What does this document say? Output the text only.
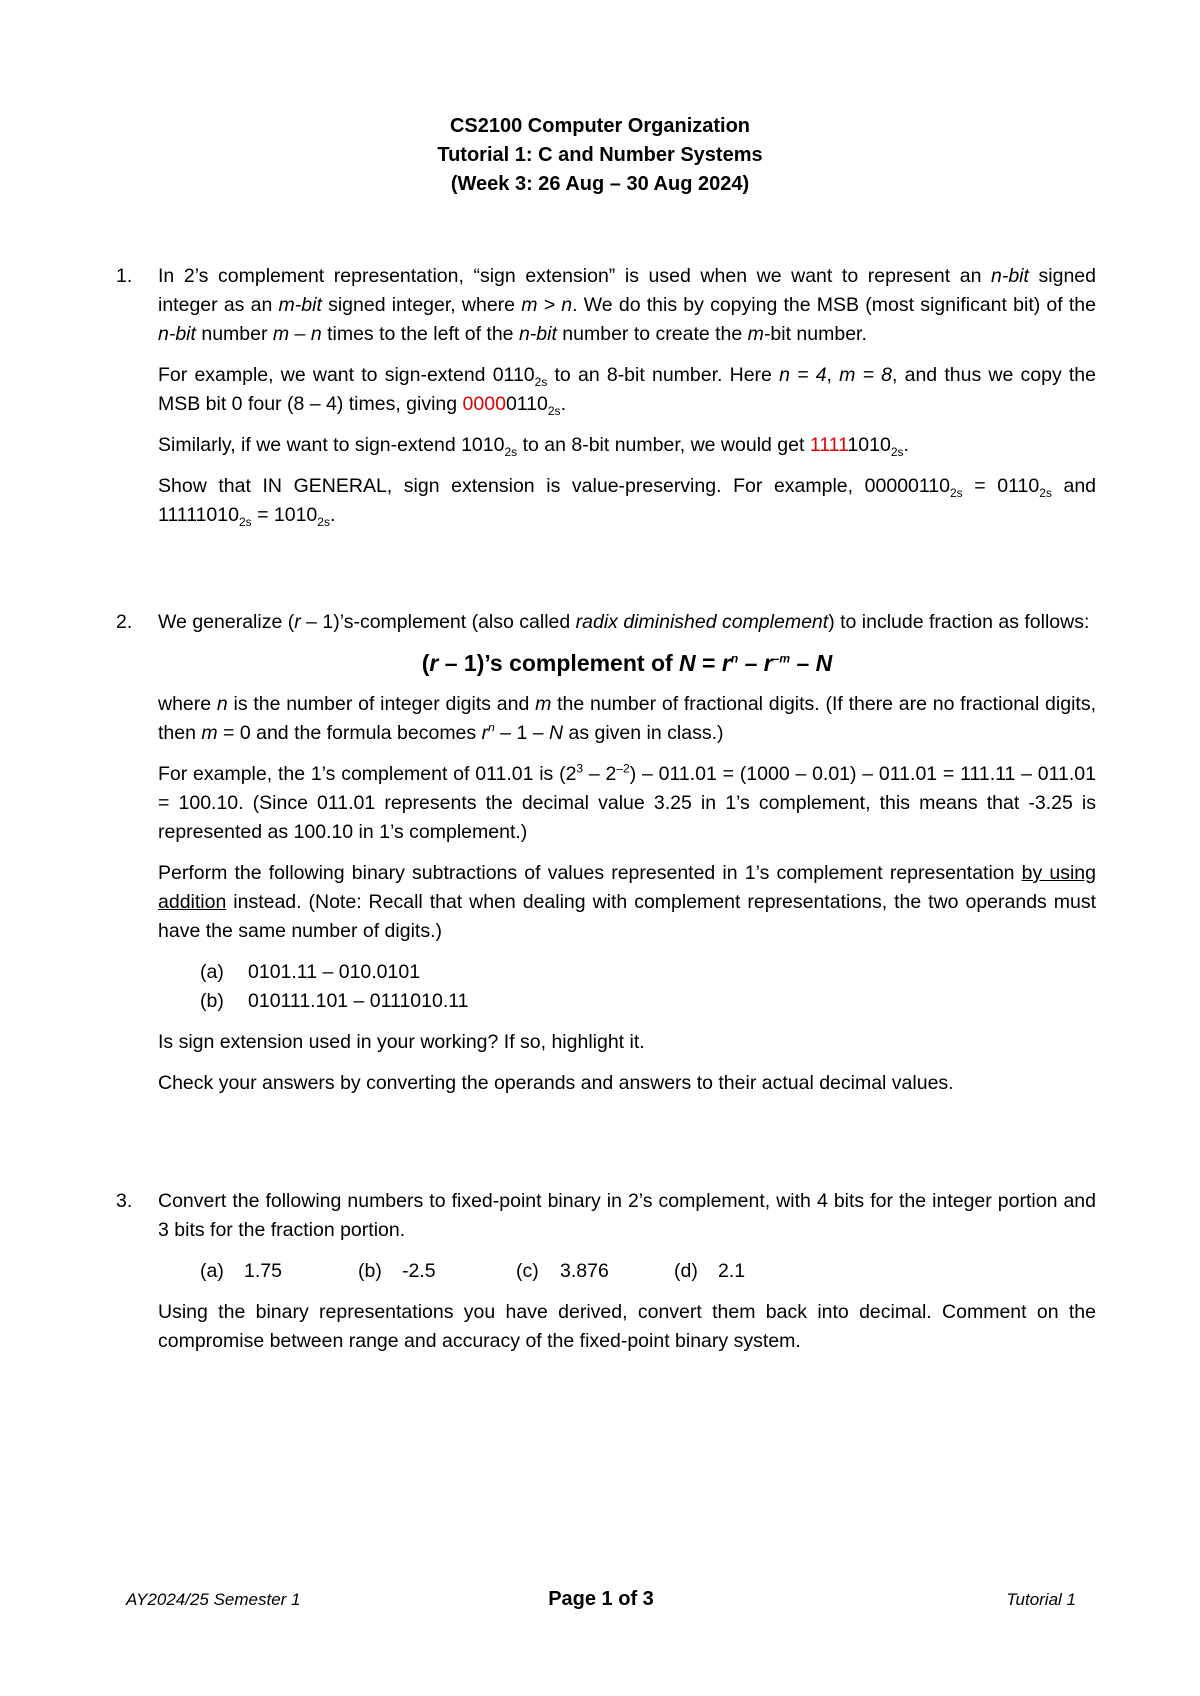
CS2100 Computer Organization
Tutorial 1: C and Number Systems
(Week 3: 26 Aug – 30 Aug 2024)
1.	In 2’s complement representation, “sign extension” is used when we want to represent an n-bit signed integer as an m-bit signed integer, where m > n. We do this by copying the MSB (most significant bit) of the n-bit number m – n times to the left of the n-bit number to create the m-bit number.

For example, we want to sign-extend $0110_{2s}$ to an 8-bit number. Here n = 4, m = 8, and thus we copy the MSB bit 0 four (8 – 4) times, giving $00000110_{2s}$.

Similarly, if we want to sign-extend $1010_{2s}$ to an 8-bit number, we would get $11111010_{2s}$.

Show that IN GENERAL, sign extension is value-preserving. For example, $00000110_{2s} = 0110_{2s}$ and $11111010_{2s} = 1010_{2s}$.

2.	We generalize (r – 1)’s-complement (also called radix diminished complement) to include fraction as follows:

(r – 1)’s complement of $N = r^n - r^{-m} - N$

where n is the number of integer digits and m the number of fractional digits. (If there are no fractional digits, then m = 0 and the formula becomes $r^n - 1$ – N as given in class.)

For example, the 1’s complement of 011.01 is $(2^3 - 2^{-2}) - 011.01 = (1000 - 0.01) - 011.01 = 111.11 - 011.01 = 100.10$. (Since 011.01 represents the decimal value 3.25 in 1’s complement, this means that -3.25 is represented as 100.10 in 1’s complement.)

Perform the following binary subtractions of values represented in 1’s complement representation by using addition instead. (Note: Recall that when dealing with complement representations, the two operands must have the same number of digits.)

(a) 0101.11 – 010.0101
(b) 010111.101 – 0111010.11

Is sign extension used in your working? If so, highlight it.

Check your answers by converting the operands and answers to their actual decimal values.

3.	Convert the following numbers to fixed-point binary in 2’s complement, with 4 bits for the integer portion and 3 bits for the fraction portion.

(a) 1.75	(b) -2.5	(c) 3.876	(d) 2.1

Using the binary representations you have derived, convert them back into decimal. Comment on the compromise between range and accuracy of the fixed-point binary system.

AY2024/25 Semester 1	Page 1 of 3	Tutorial 1
